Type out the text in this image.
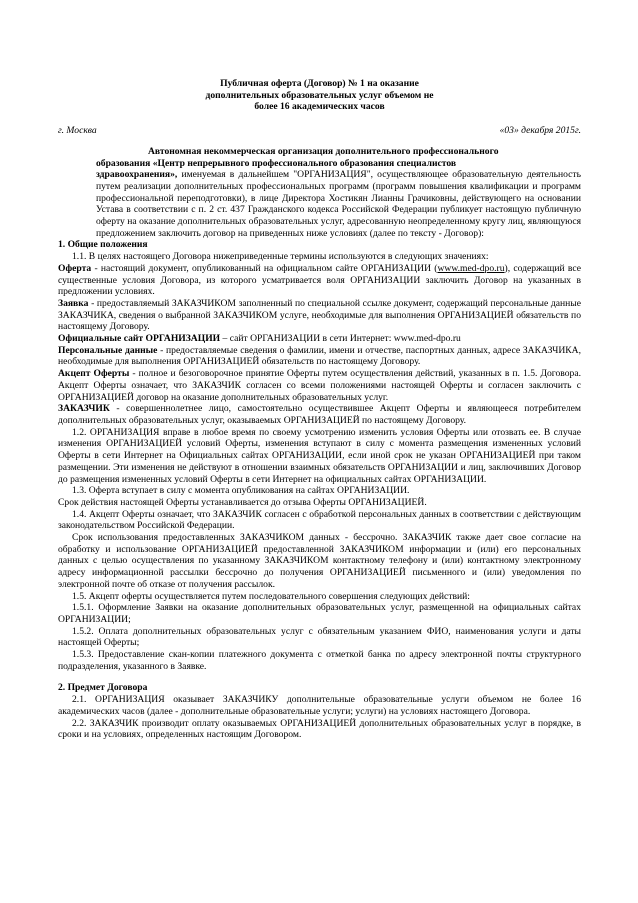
Публичная оферта (Договор) № 1 на оказание
дополнительных образовательных услуг объемом не
более 16 академических часов
г. Москва	«03» декабря 2015г.

Автономная некоммерческая организация дополнительного профессионального

образования «Центр непрерывного профессионального образования специалистов

здравоохранения», именуемая в дальнейшем "ОРГАНИЗАЦИЯ", осуществляющее образовательную деятельность путем реализации дополнительных профессиональных программ (программ повышения квалификации и программ профессиональной переподготовки), в лице Директора Хостикян Лианны Грачиковны, действующего на основании Устава в соответствии с п. 2 ст. 437 Гражданского кодекса Российской Федерации публикует настоящую публичную оферту на оказание дополнительных образовательных услуг, адресованную неопределенному кругу лиц, являющуюся предложением заключить договор на приведенных ниже условиях (далее по тексту - Договор):

1. Общие положения

1.1. В целях настоящего Договора нижеприведенные термины используются в следующих значениях:

Оферта - настоящий документ, опубликованный на официальном сайте ОРГАНИЗАЦИИ (www.med-dpo.ru), содержащий все существенные условия Договора, из которого усматривается воля ОРГАНИЗАЦИИ заключить Договор на указанных в предложении условиях.

Заявка - предоставляемый ЗАКАЗЧИКОМ заполненный по специальной ссылке документ, содержащий персональные данные ЗАКАЗЧИКА, сведения о выбранной ЗАКАЗЧИКОМ услуге, необходимые для выполнения ОРГАНИЗАЦИЕЙ обязательств по настоящему Договору.

Официальные сайт ОРГАНИЗАЦИИ – сайт ОРГАНИЗАЦИИ в сети Интернет: www.med-dpo.ru

Персональные данные - предоставляемые сведения о фамилии, имени и отчестве, паспортных данных, адресе ЗАКАЗЧИКА, необходимые для выполнения ОРГАНИЗАЦИЕЙ обязательств по настоящему Договору.

Акцепт Оферты - полное и безоговорочное принятие Оферты путем осуществления действий, указанных в п. 1.5. Договора. Акцепт Оферты означает, что ЗАКАЗЧИК согласен со всеми положениями настоящей Оферты и согласен заключить с ОРГАНИЗАЦИЕЙ договор на оказание дополнительных образовательных услуг.

ЗАКАЗЧИК - совершеннолетнее лицо, самостоятельно осуществившее Акцепт Оферты и являющееся потребителем дополнительных образовательных услуг, оказываемых ОРГАНИЗАЦИЕЙ по настоящему Договору.

1.2. ОРГАНИЗАЦИЯ вправе в любое время по своему усмотрению изменить условия Оферты или отозвать ее. В случае изменения ОРГАНИЗАЦИЕЙ условий Оферты, изменения вступают в силу с момента размещения измененных условий Оферты в сети Интернет на Официальных сайтах ОРГАНИЗАЦИИ, если иной срок не указан ОРГАНИЗАЦИЕЙ при таком размещении. Эти изменения не действуют в отношении взаимных обязательств ОРГАНИЗАЦИИ и лиц, заключивших Договор до размещения измененных условий Оферты в сети Интернет на официальных сайтах ОРГАНИЗАЦИИ.

1.3. Оферта вступает в силу с момента опубликования на сайтах ОРГАНИЗАЦИИ.

Срок действия настоящей Оферты устанавливается до отзыва Оферты ОРГАНИЗАЦИЕЙ.

1.4. Акцепт Оферты означает, что ЗАКАЗЧИК согласен с обработкой персональных данных в соответствии с действующим законодательством Российской Федерации.

Срок использования предоставленных ЗАКАЗЧИКОМ данных - бессрочно. ЗАКАЗЧИК также дает свое согласие на обработку и использование ОРГАНИЗАЦИЕЙ предоставленной ЗАКАЗЧИКОМ информации и (или) его персональных данных с целью осуществления по указанному ЗАКАЗЧИКОМ контактному телефону и (или) контактному электронному адресу информационной рассылки бессрочно до получения ОРГАНИЗАЦИЕЙ письменного и (или) уведомления по электронной почте об отказе от получения рассылок.

1.5. Акцепт оферты осуществляется путем последовательного совершения следующих действий:

1.5.1. Оформление Заявки на оказание дополнительных образовательных услуг, размещенной на официальных сайтах ОРГАНИЗАЦИИ;

1.5.2. Оплата дополнительных образовательных услуг с обязательным указанием ФИО, наименования услуги и даты настоящей Оферты;

1.5.3. Предоставление скан-копии платежного документа с отметкой банка по адресу электронной почты структурного подразделения, указанного в Заявке.

2. Предмет Договора

2.1. ОРГАНИЗАЦИЯ оказывает ЗАКАЗЧИКУ дополнительные образовательные услуги объемом не более 16 академических часов (далее - дополнительные образовательные услуги; услуги) на условиях настоящего Договора.

2.2. ЗАКАЗЧИК производит оплату оказываемых ОРГАНИЗАЦИЕЙ дополнительных образовательных услуг в порядке, в сроки и на условиях, определенных настоящим Договором.
